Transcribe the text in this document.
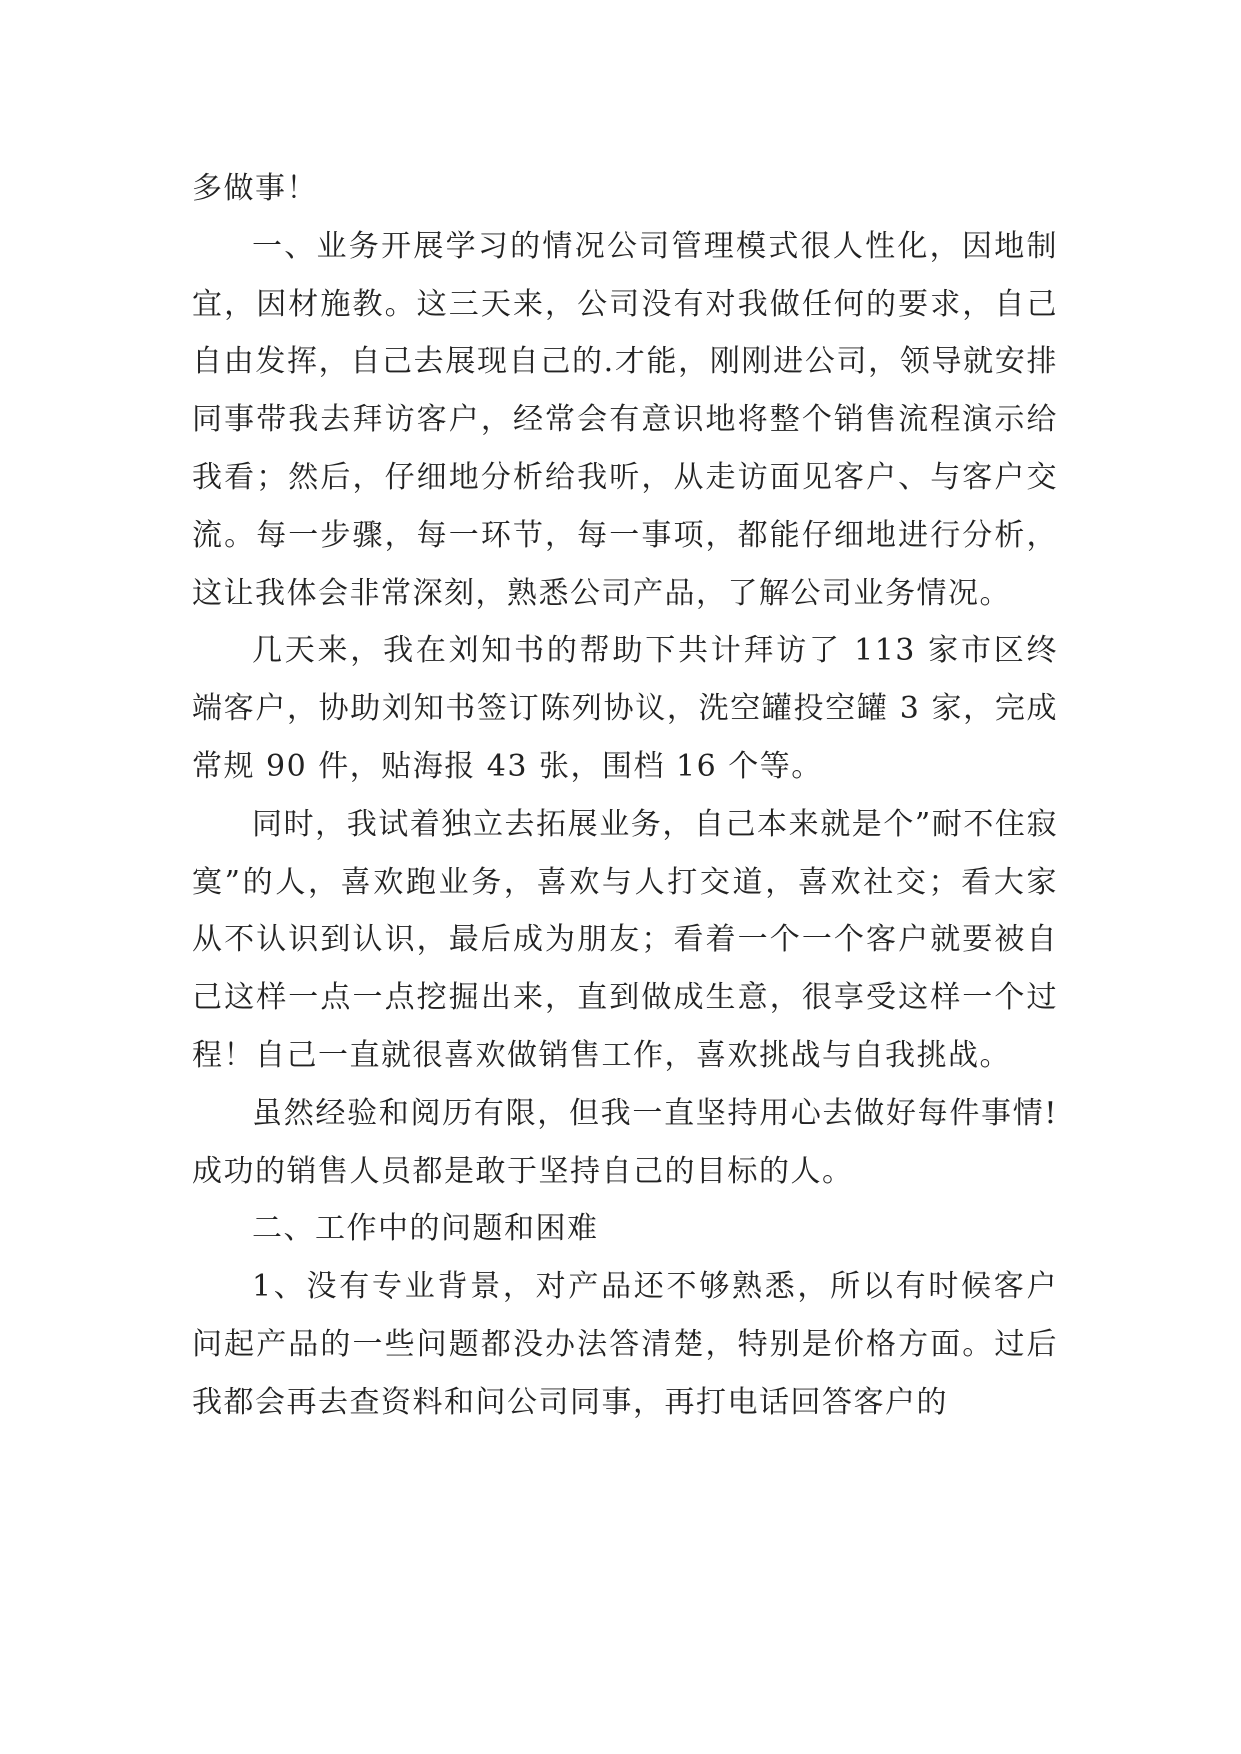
多做事！

一、业务开展学习的情况公司管理模式很人性化，因地制宜，因材施教。这三天来，公司没有对我做任何的要求，自己自由发挥，自己去展现自己的.才能，刚刚进公司，领导就安排同事带我去拜访客户，经常会有意识地将整个销售流程演示给我看；然后，仔细地分析给我听，从走访面见客户、与客户交流。每一步骤，每一环节，每一事项，都能仔细地进行分析，这让我体会非常深刻，熟悉公司产品，了解公司业务情况。

几天来，我在刘知书的帮助下共计拜访了 113 家市区终端客户，协助刘知书签订陈列协议，洗空罐投空罐 3 家，完成常规 90 件，贴海报 43 张，围档 16 个等。

同时，我试着独立去拓展业务，自己本来就是个”耐不住寂寞”的人，喜欢跑业务，喜欢与人打交道，喜欢社交；看大家从不认识到认识，最后成为朋友；看着一个一个客户就要被自己这样一点一点挖掘出来，直到做成生意，很享受这样一个过程！自己一直就很喜欢做销售工作，喜欢挑战与自我挑战。

虽然经验和阅历有限，但我一直坚持用心去做好每件事情!成功的销售人员都是敢于坚持自己的目标的人。

二、工作中的问题和困难

1、没有专业背景，对产品还不够熟悉，所以有时候客户问起产品的一些问题都没办法答清楚，特别是价格方面。过后我都会再去查资料和问公司同事，再打电话回答客户的
